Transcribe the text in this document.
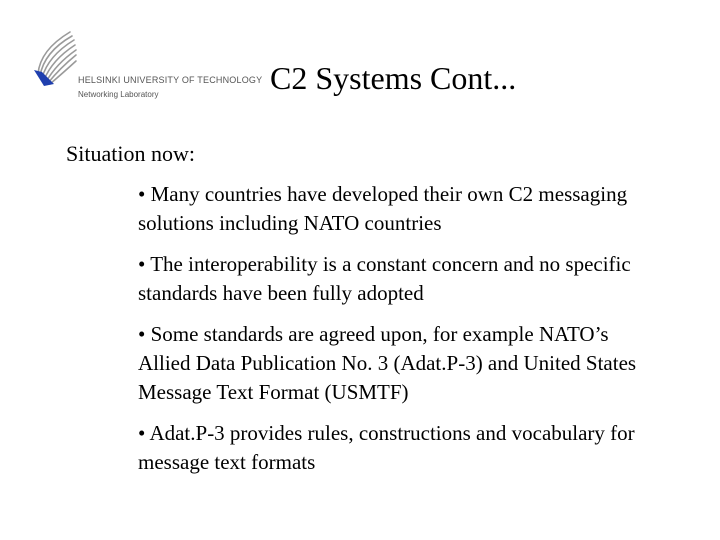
HELSINKI UNIVERSITY OF TECHNOLOGY
Networking Laboratory	C2 Systems Cont...
Situation now:
• Many countries have developed their own C2 messaging solutions including NATO countries
• The interoperability is a constant concern and no specific standards have been fully adopted
• Some standards are agreed upon, for example NATO’s Allied Data Publication No. 3 (Adat.P-3) and United States Message Text Format (USMTF)
• Adat.P-3 provides rules, constructions and vocabulary for message text formats
